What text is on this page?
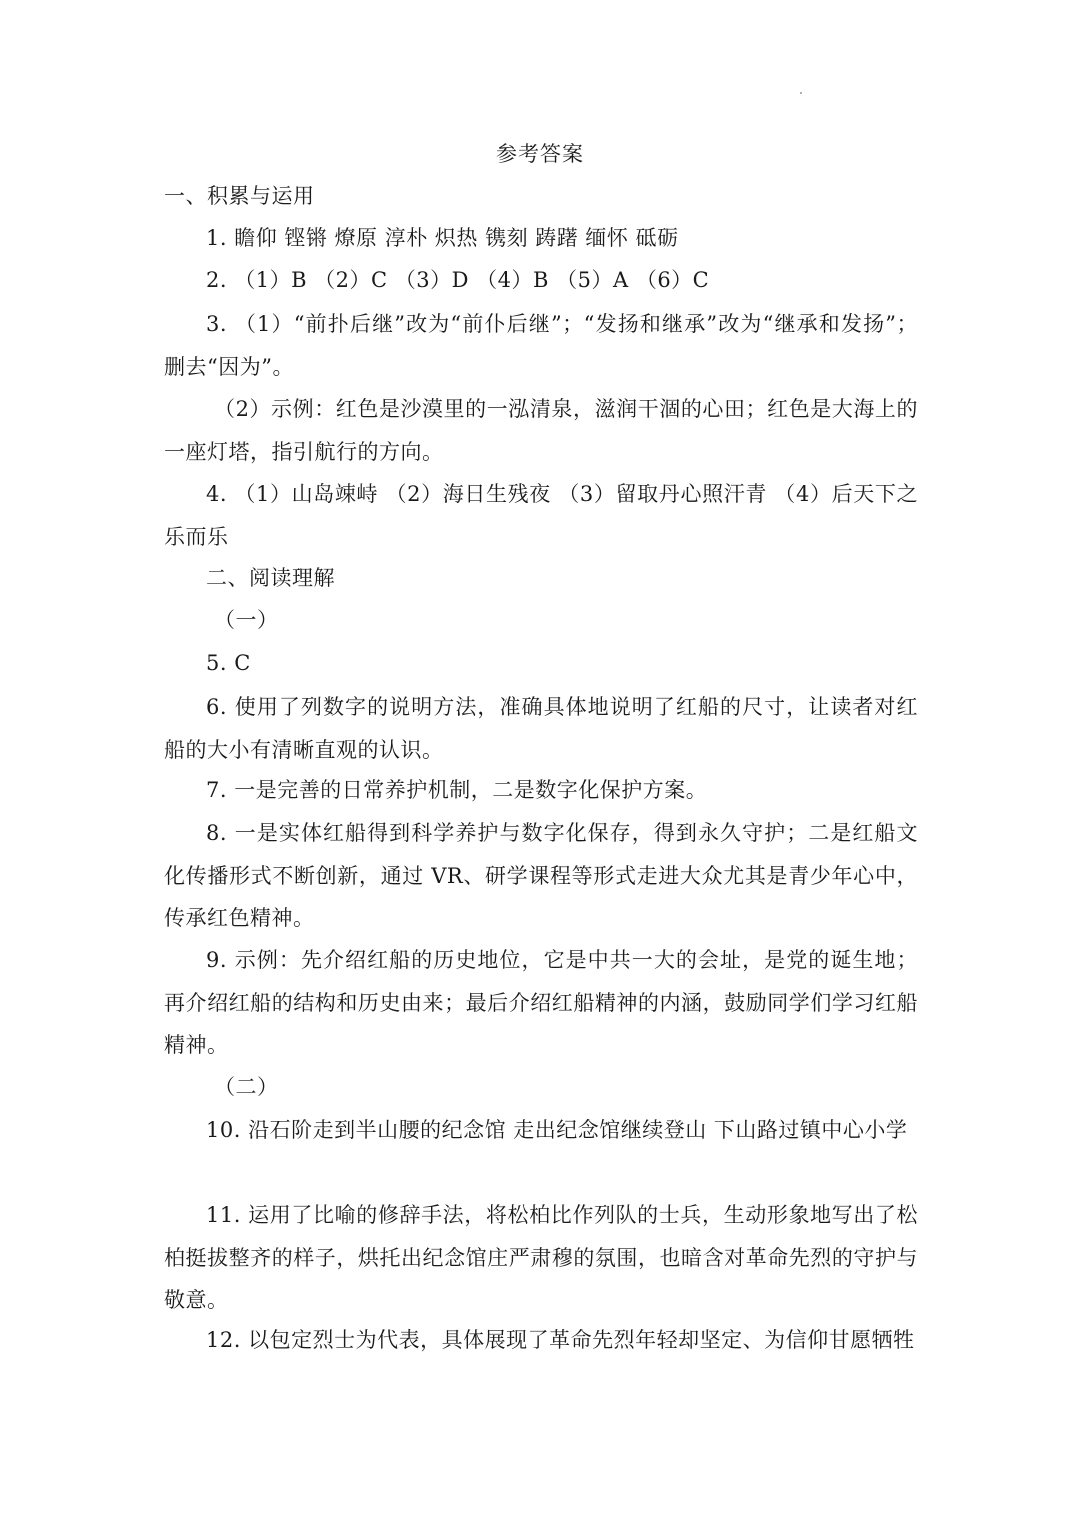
参考答案
一、积累与运用
1. 瞻仰 铿锵 燎原 淳朴 炽热 镌刻 踌躇 缅怀 砥砺
2. （1）B （2）C （3）D （4）B （5）A （6）C
3. （1）“前扑后继”改为“前仆后继”；“发扬和继承”改为“继承和发扬”；删去“因为”。
（2）示例：红色是沙漠里的一泓清泉，滋润干涸的心田；红色是大海上的一座灯塔，指引航行的方向。
4. （1）山岛竦峙 （2）海日生残夜 （3）留取丹心照汗青 （4）后天下之乐而乐
二、阅读理解
（一）
5. C
6. 使用了列数字的说明方法，准确具体地说明了红船的尺寸，让读者对红船的大小有清晰直观的认识。
7. 一是完善的日常养护机制，二是数字化保护方案。
8. 一是实体红船得到科学养护与数字化保存，得到永久守护；二是红船文化传播形式不断创新，通过 VR、研学课程等形式走进大众尤其是青少年心中，传承红色精神。
9. 示例：先介绍红船的历史地位，它是中共一大的会址，是党的诞生地；再介绍红船的结构和历史由来；最后介绍红船精神的内涵，鼓励同学们学习红船精神。
（二）
10. 沿石阶走到半山腰的纪念馆 走出纪念馆继续登山 下山路过镇中心小学
11. 运用了比喻的修辞手法，将松柏比作列队的士兵，生动形象地写出了松柏挺拔整齐的样子，烘托出纪念馆庄严肃穆的氛围，也暗含对革命先烈的守护与敬意。
12. 以包定烈士为代表，具体展现了革命先烈年轻却坚定、为信仰甘愿牺牲
